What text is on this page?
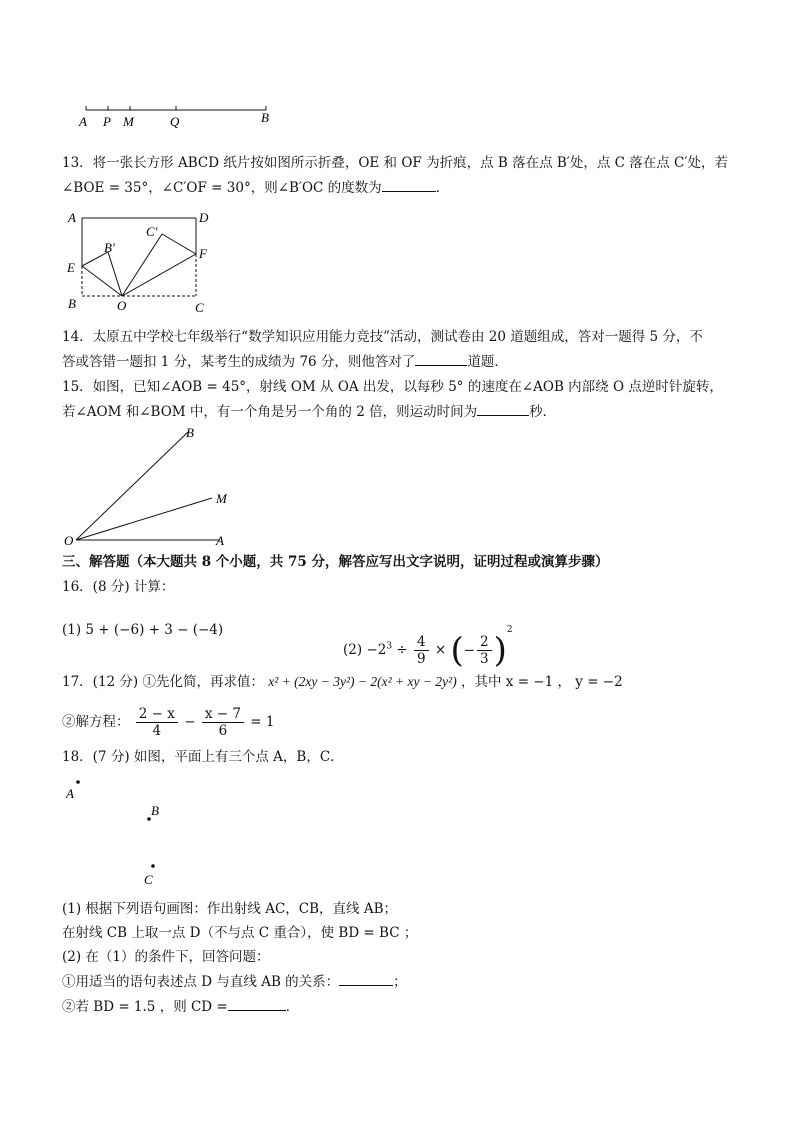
A P M	Q	B
13．将一张长方形 ABCD 纸片按如图所示折叠，OE 和 OF 为折痕，点 B 落在点 B′处，点 C 落在点 C′处，若
∠BOE = 35°，∠C′OF = 30°，则∠B′OC 的度数为	．
A	D
B′
C′
E
F
B	O	C
14．太原五中学校七年级举行“数学知识应用能力竞技”活动，测试卷由 20 道题组成，答对一题得 5 分，不
答或答错一题扣 1 分，某考生的成绩为 76 分，则他答对了	道题．
15．如图，已知∠AOB = 45°，射线 OM 从 OA 出发，以每秒 5° 的速度在∠AOB 内部绕 O 点逆时针旋转，
若∠AOM 和∠BOM 中，有一个角是另一个角的 2 倍，则运动时间为	秒．
B
M
O	A
三、解答题（本大题共 8 个小题，共 75 分，解答应写出文字说明，证明过程或演算步骤）
16．(8 分) 计算：
(1) 5 + (−6) + 3 − (−4)
$(2) -2^3 \div \frac{4}{9}$ × (− $\frac{2}{3} )^2$
17．(12 分) ①先化简，再求值： x² + (2xy − 3y²) − 2(x² + xy − 2y²) ，其中 x = −1 ， y = −2
②解方程： $\frac{2 - x}{4} - \frac{x - 7}{6} = 1$
18．(7 分) 如图，平面上有三个点 A，B，C．
A
B
C
(1) 根据下列语句画图：作出射线 AC，CB，直线 AB；
在射线 CB 上取一点 D（不与点 C 重合），使 BD = BC ；
(2) 在（1）的条件下，回答问题：
①用适当的语句表述点 D 与直线 AB 的关系：	；
②若 BD = 1.5 ，则 CD =	．
